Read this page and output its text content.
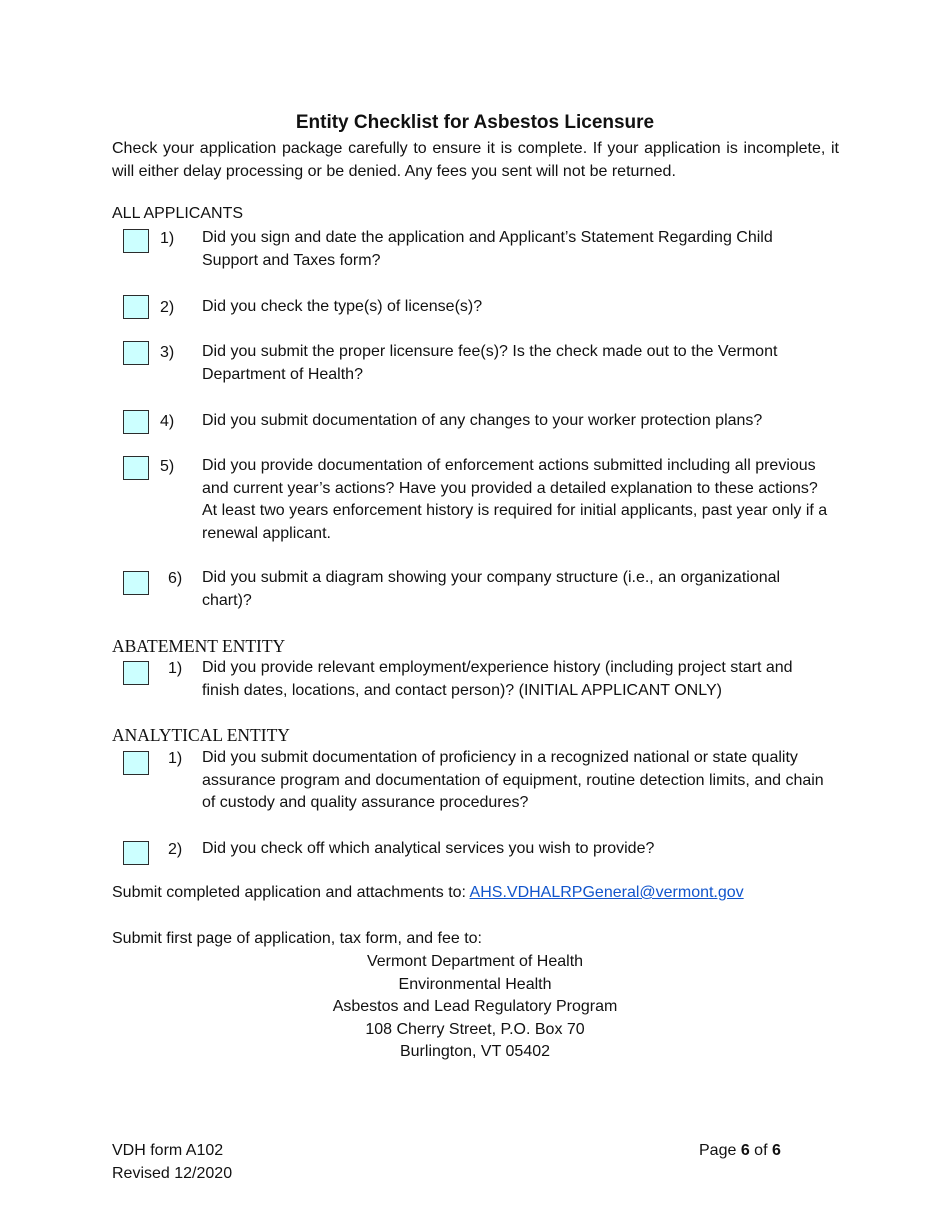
Entity Checklist for Asbestos Licensure
Check your application package carefully to ensure it is complete. If your application is incomplete, it will either delay processing or be denied. Any fees you sent will not be returned.
ALL APPLICANTS
1) Did you sign and date the application and Applicant’s Statement Regarding Child Support and Taxes form?
2) Did you check the type(s) of license(s)?
3) Did you submit the proper licensure fee(s)? Is the check made out to the Vermont Department of Health?
4) Did you submit documentation of any changes to your worker protection plans?
5) Did you provide documentation of enforcement actions submitted including all previous and current year’s actions? Have you provided a detailed explanation to these actions? At least two years enforcement history is required for initial applicants, past year only if a renewal applicant.
6) Did you submit a diagram showing your company structure (i.e., an organizational chart)?
ABATEMENT ENTITY
1) Did you provide relevant employment/experience history (including project start and finish dates, locations, and contact person)? (INITIAL APPLICANT ONLY)
ANALYTICAL ENTITY
1) Did you submit documentation of proficiency in a recognized national or state quality assurance program and documentation of equipment, routine detection limits, and chain of custody and quality assurance procedures?
2) Did you check off which analytical services you wish to provide?
Submit completed application and attachments to: AHS.VDHALRPGeneral@vermont.gov
Submit first page of application, tax form, and fee to:
Vermont Department of Health
Environmental Health
Asbestos and Lead Regulatory Program
108 Cherry Street, P.O. Box 70
Burlington, VT 05402
VDH form A102
Revised 12/2020
Page 6 of 6
